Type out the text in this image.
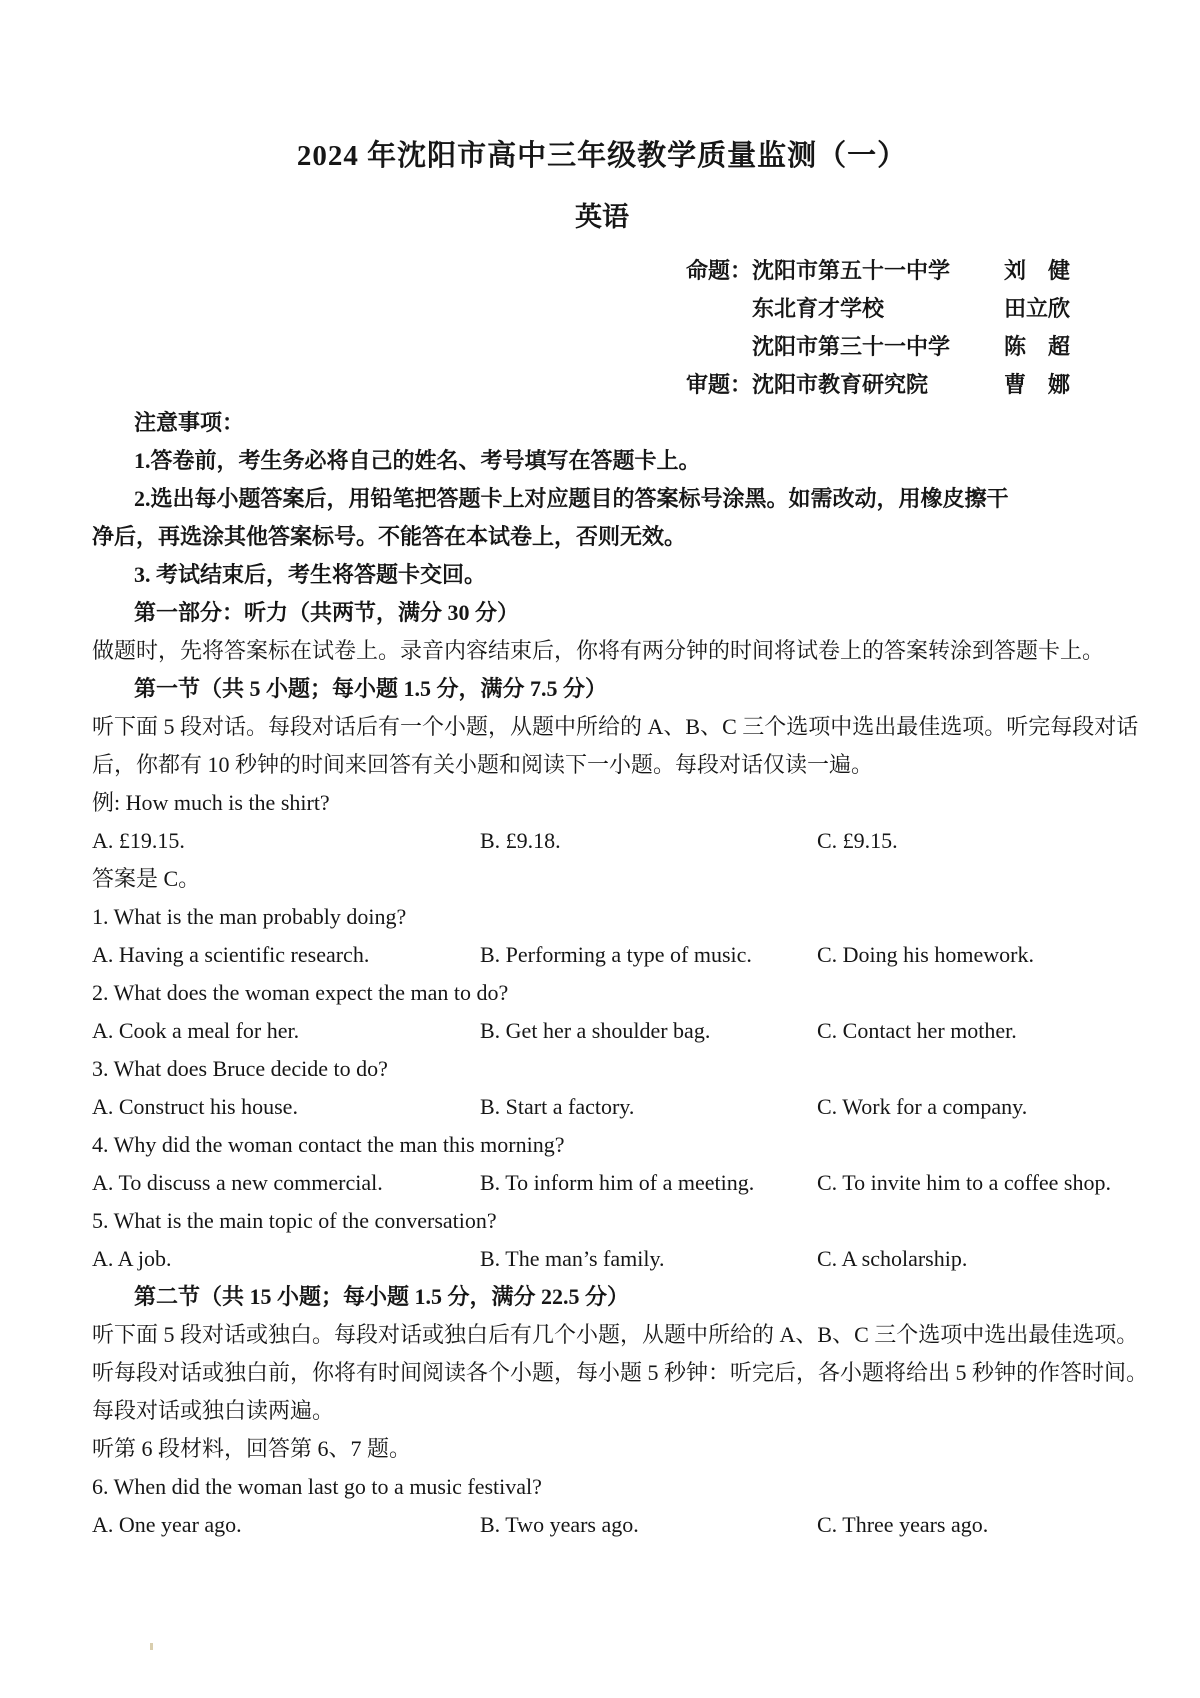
2024 年沈阳市高中三年级教学质量监测（一）
英语
命题： 沈阳市第五十一中学	刘　健
东北育才学校	田立欣
沈阳市第三十一中学	陈　超
审题： 沈阳市教育研究院	曹　娜
注意事项：
1.答卷前，考生务必将自己的姓名、考号填写在答题卡上。
2.选出每小题答案后，用铅笔把答题卡上对应题目的答案标号涂黑。如需改动，用橡皮擦干
净后，再选涂其他答案标号。不能答在本试卷上，否则无效。
3. 考试结束后，考生将答题卡交回。
第一部分：听力（共两节，满分 30 分）
做题时，先将答案标在试卷上。录音内容结束后，你将有两分钟的时间将试卷上的答案转涂到答题卡上。
第一节（共 5 小题；每小题 1.5 分，满分 7.5 分）
听下面 5 段对话。每段对话后有一个小题，从题中所给的 A、B、C 三个选项中选出最佳选项。听完每段对话
后，你都有 10 秒钟的时间来回答有关小题和阅读下一小题。每段对话仅读一遍。
例: How much is the shirt?
A. £19.15.	B. £9.18.	C. £9.15.
答案是 C。
1. What is the man probably doing?
A. Having a scientific research.	B. Performing a type of music.	C. Doing his homework.
2. What does the woman expect the man to do?
A. Cook a meal for her.	B. Get her a shoulder bag.	C. Contact her mother.
3. What does Bruce decide to do?
A. Construct his house.	B. Start a factory.	C. Work for a company.
4. Why did the woman contact the man this morning?
A. To discuss a new commercial.	B. To inform him of a meeting.	C. To invite him to a coffee shop.
5. What is the main topic of the conversation?
A. A job.	B. The man’s family.	C. A scholarship.
第二节（共 15 小题；每小题 1.5 分，满分 22.5 分）
听下面 5 段对话或独白。每段对话或独白后有几个小题，从题中所给的 A、B、C 三个选项中选出最佳选项。
听每段对话或独白前，你将有时间阅读各个小题，每小题 5 秒钟：听完后，各小题将给出 5 秒钟的作答时间。
每段对话或独白读两遍。
听第 6 段材料，回答第 6、7 题。
6. When did the woman last go to a music festival?
A. One year ago.	B. Two years ago.	C. Three years ago.
